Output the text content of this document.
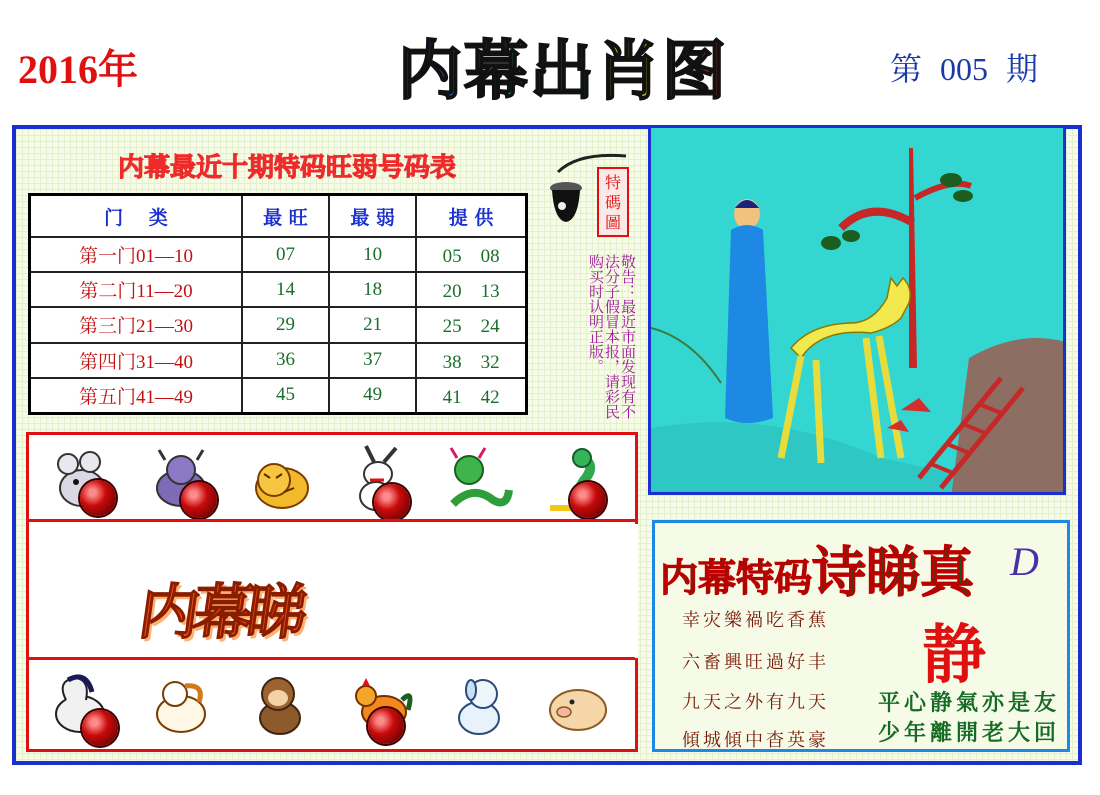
2016年	内幕出肖图	第 005 期
内幕最近十期特码旺弱号码表
门　 类	最 旺	最 弱	提 供
第一门01—10	07	10	05　08
第二门11—20	14	18	20　13
第三门21—30	29	21	25　24
第四门31—40	36	37	38　32
第五门41—49	45	49	41　42
特
碼
圖
敬告：最近市面发现有不法分子假冒本报，请彩民购买时认明正版。
内幕睇
内幕特码诗睇真 D
静
幸灾樂禍吃香蕉
六畜興旺過好丰
九天之外有九天
傾城傾中杳英豪
平心静氣亦是友
少年離開老大回
